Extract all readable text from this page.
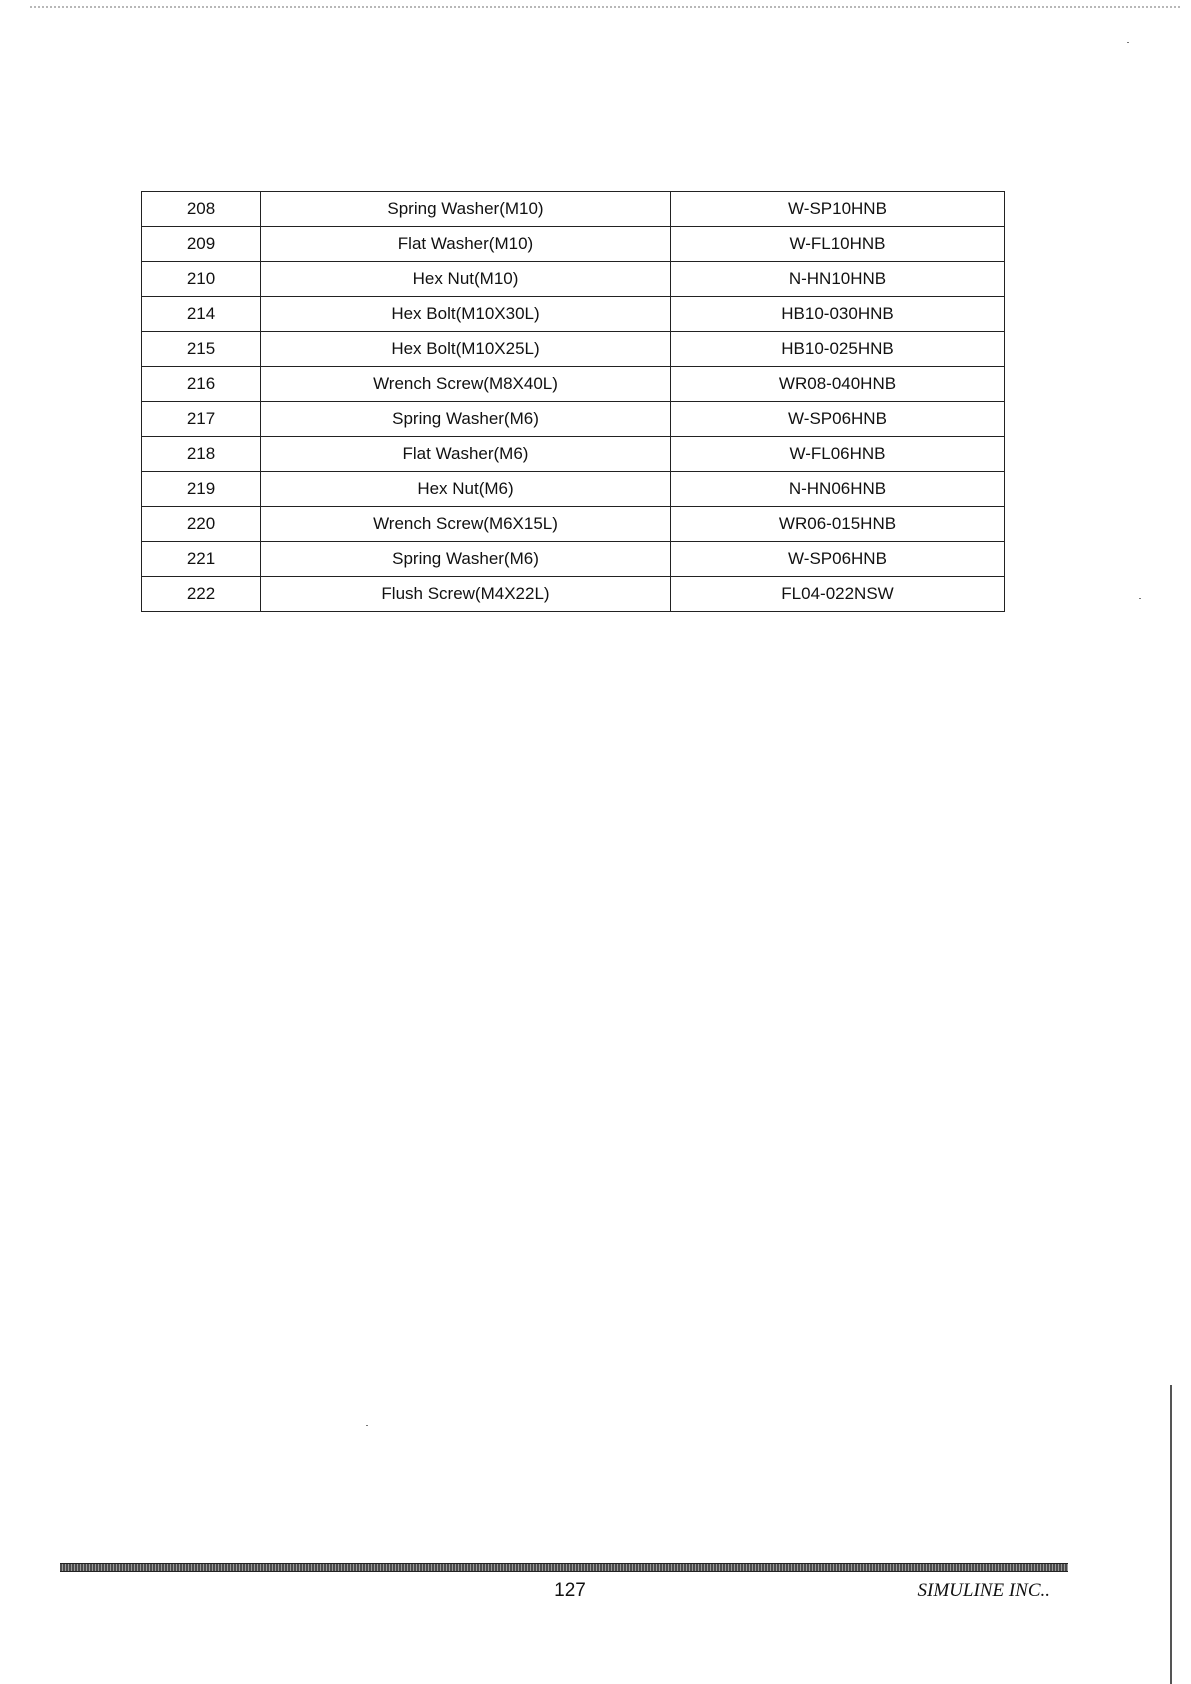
208	Spring Washer(M10)	W-SP10HNB
209	Flat Washer(M10)	W-FL10HNB
210	Hex Nut(M10)	N-HN10HNB
214	Hex Bolt(M10X30L)	HB10-030HNB
215	Hex Bolt(M10X25L)	HB10-025HNB
216	Wrench Screw(M8X40L)	WR08-040HNB
217	Spring Washer(M6)	W-SP06HNB
218	Flat Washer(M6)	W-FL06HNB
219	Hex Nut(M6)	N-HN06HNB
220	Wrench Screw(M6X15L)	WR06-015HNB
221	Spring Washer(M6)	W-SP06HNB
222	Flush Screw(M4X22L)	FL04-022NSW
127	SIMULINE INC..
